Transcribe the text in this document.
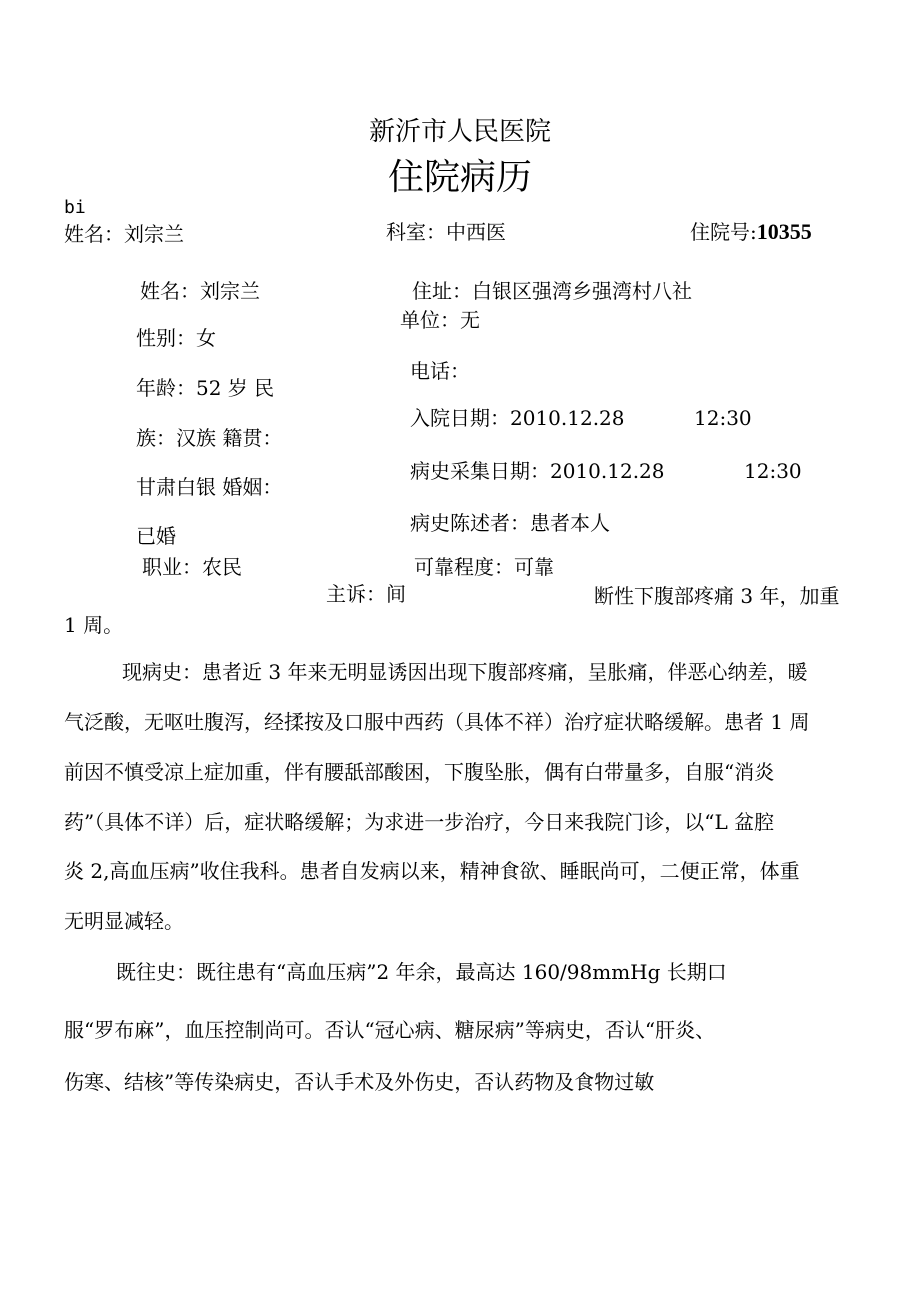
新沂市人民医院
住院病历
bi
姓名：刘宗兰	科室：中西医	住院号:10355
姓名：刘宗兰
性别：女
年龄：52 岁 民
族：汉族 籍贯：
甘肃白银 婚姻：
已婚
职业：农民
住址：白银区强湾乡强湾村八社
单位：无
电话：
入院日期：2010.12.28	12:30
病史采集日期：2010.12.28	12:30
病史陈述者：患者本人
可靠程度：可靠
主诉：间	断性下腹部疼痛 3 年，加重
1 周。
现病史：患者近 3 年来无明显诱因出现下腹部疼痛，呈胀痛，伴恶心纳差，暖
气泛酸，无呕吐腹泻，经揉按及口服中西药（具体不祥）治疗症状略缓解。患者 1 周
前因不慎受凉上症加重，伴有腰舐部酸困，下腹坠胀，偶有白带量多，自服“消炎
药”（具体不详）后，症状略缓解；为求进一步治疗，今日来我院门诊，以“L 盆腔
炎 2,高血压病”收住我科。患者自发病以来，精神食欲、睡眠尚可，二便正常，体重
无明显减轻。
既往史：既往患有“高血压病”2 年余，最高达 160/98mmHg 长期口
服“罗布麻”，血压控制尚可。否认“冠心病、糖尿病”等病史，否认“肝炎、
伤寒、结核”等传染病史，否认手术及外伤史，否认药物及食物过敏
